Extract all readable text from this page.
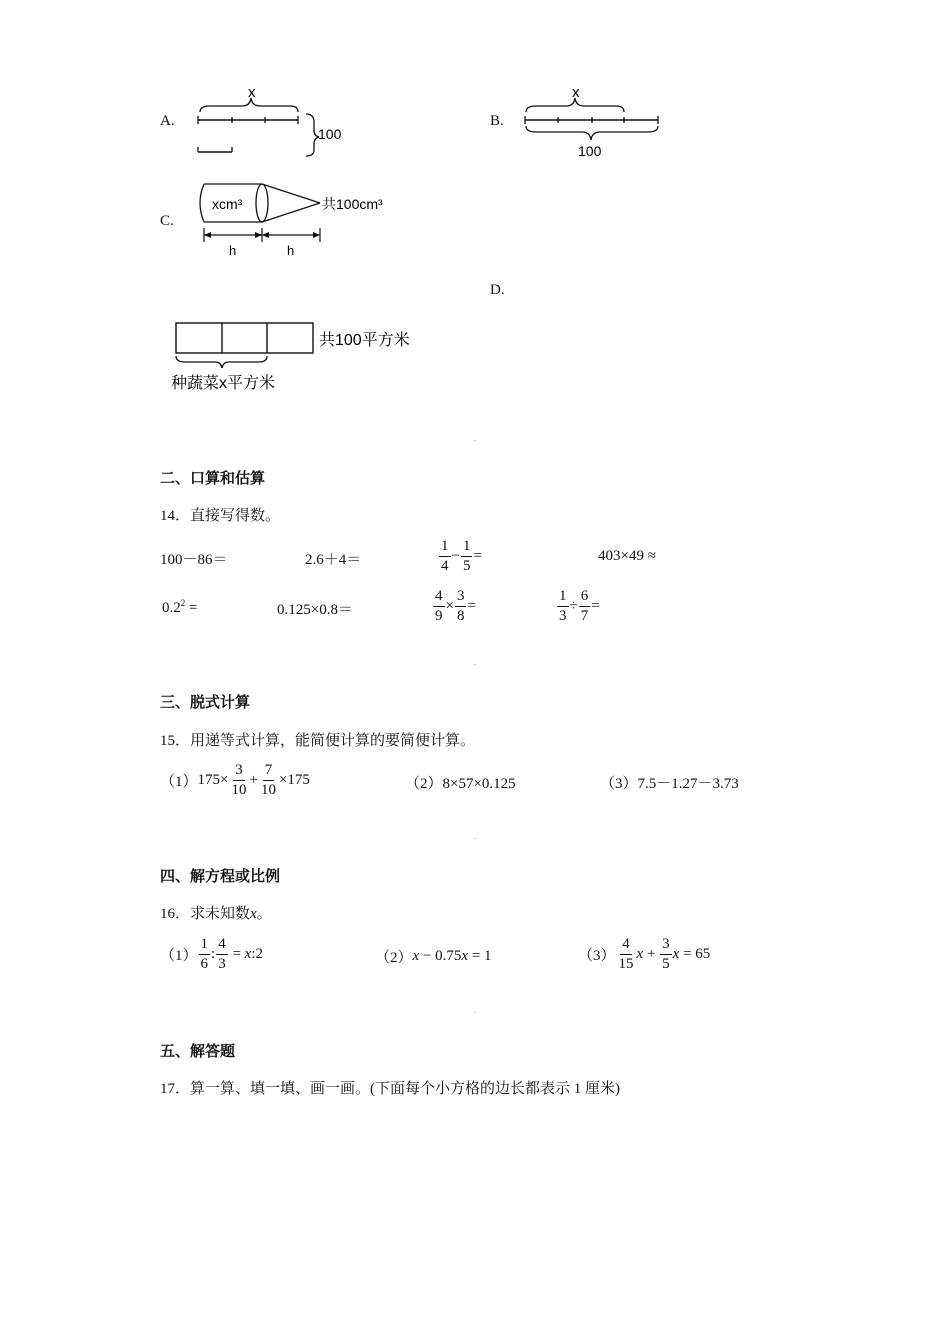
A.
x
100
B.
x
100
C.
xcm³	共100cm³
h	h
D.
共100平方米
种蔬菜x平方米
二、口算和估算
14．直接写得数。
100－86＝	2.6＋4＝	$\frac{1}{4} - \frac{1}{5}$ =	403×49 ≈
$0.2^2$ =	0.125×0.8＝	$\frac{4}{9} \times \frac{3}{8}$ =	$\frac{1}{3} \div \frac{6}{7}$ =
三、脱式计算
15．用递等式计算，能简便计算的要简便计算。
（1） $175\times \frac{3}{10} + \frac{7}{10} \times 175$	（2）8×57×0.125	（3）7.5－1.27－3.73
四、解方程或比例
16．求未知数x。
$(1) \frac{1}{6}$ : $\frac{4}{3} = x$ : 2	（2） x − 0.75 x = 1	$(3) \frac{4}{15}$ $x + \frac{3}{5}$ x = 65
五、解答题
17．算一算、填一填、画一画。(下面每个小方格的边长都表示 1 厘米)
